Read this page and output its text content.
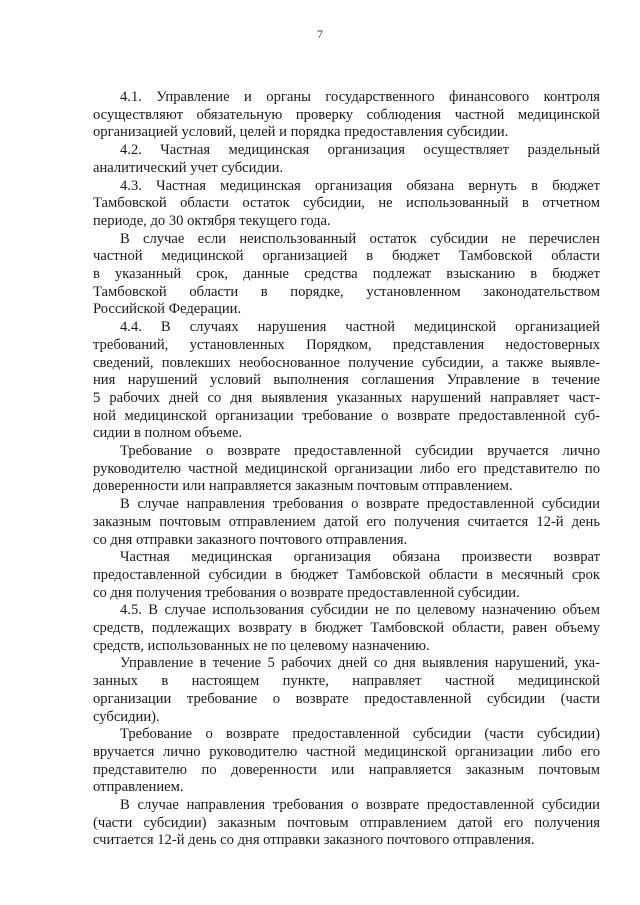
7
4.1. Управление и органы государственного финансового контроля
осуществляют обязательную проверку соблюдения частной медицинской
организацией условий, целей и порядка предоставления субсидии.
4.2. Частная медицинская организация осуществляет раздельный
аналитический учет субсидии.
4.3. Частная медицинская организация обязана вернуть в бюджет
Тамбовской области остаток субсидии, не использованный в отчетном
периоде, до 30 октября текущего года.
В случае если неиспользованный остаток субсидии не перечислен
частной медицинской организацией в бюджет Тамбовской области
в указанный срок, данные средства подлежат взысканию в бюджет
Тамбовской области в порядке, установленном законодательством
Российской Федерации.
4.4. В случаях нарушения частной медицинской организацией
требований, установленных Порядком, представления недостоверных
сведений, повлекших необоснованное получение субсидии, а также выявле-
ния нарушений условий выполнения соглашения Управление в течение
5 рабочих дней со дня выявления указанных нарушений направляет част-
ной медицинской организации требование о возврате предоставленной суб-
сидии в полном объеме.
Требование о возврате предоставленной субсидии вручается лично
руководителю частной медицинской организации либо его представителю по
доверенности или направляется заказным почтовым отправлением.
В случае направления требования о возврате предоставленной субсидии
заказным почтовым отправлением датой его получения считается 12-й день
со дня отправки заказного почтового отправления.
Частная медицинская организация обязана произвести возврат
предоставленной субсидии в бюджет Тамбовской области в месячный срок
со дня получения требования о возврате предоставленной субсидии.
4.5. В случае использования субсидии не по целевому назначению объем
средств, подлежащих возврату в бюджет Тамбовской области, равен объему
средств, использованных не по целевому назначению.
Управление в течение 5 рабочих дней со дня выявления нарушений, ука-
занных в настоящем пункте, направляет частной медицинской
организации требование о возврате предоставленной субсидии (части
субсидии).
Требование о возврате предоставленной субсидии (части субсидии)
вручается лично руководителю частной медицинской организации либо его
представителю по доверенности или направляется заказным почтовым
отправлением.
В случае направления требования о возврате предоставленной субсидии
(части субсидии) заказным почтовым отправлением датой его получения
считается 12-й день со дня отправки заказного почтового отправления.
